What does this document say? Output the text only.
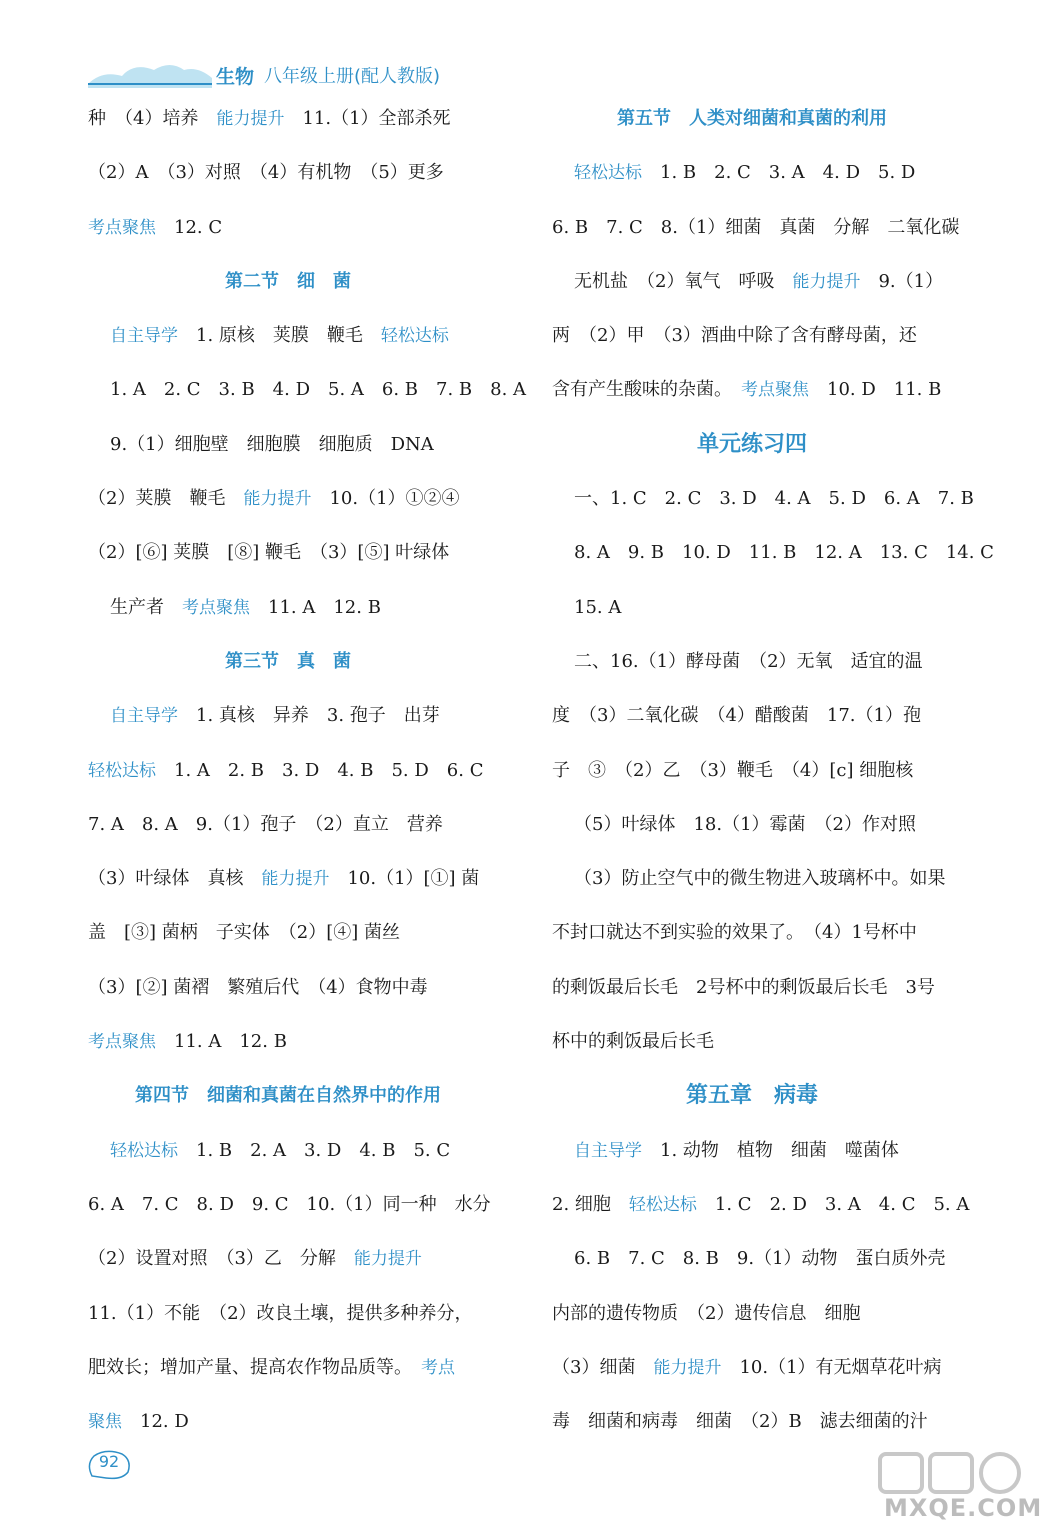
生物 八年级上册(配人教版)
种　（4）培养　能力提升　11.（1）全部杀死
（2）A　（3）对照　（4）有机物　（5）更多
考点聚焦　12. C
第二节　细　菌
自主导学　1. 原核　荚膜　鞭毛　轻松达标
1. A　2. C　3. B　4. D　5. A　6. B　7. B　8. A
9.（1）细胞壁　细胞膜　细胞质　DNA
（2）荚膜　鞭毛　能力提升　10.（1）①②④
（2）[⑥] 荚膜　[⑧] 鞭毛　（3）[⑤] 叶绿体
生产者　考点聚焦　11. A　12. B
第三节　真　菌
自主导学　1. 真核　异养　3. 孢子　出芽
轻松达标　1. A　2. B　3. D　4. B　5. D　6. C
7. A　8. A　9.（1）孢子　（2）直立　营养
（3）叶绿体　真核　能力提升　10.（1）[①] 菌
盖　[③] 菌柄　子实体　（2）[④] 菌丝
（3）[②] 菌褶　繁殖后代　（4）食物中毒
考点聚焦　11. A　12. B
第四节　细菌和真菌在自然界中的作用
轻松达标　1. B　2. A　3. D　4. B　5. C
6. A　7. C　8. D　9. C　10.（1）同一种　水分
（2）设置对照　（3）乙　分解　能力提升
11.（1）不能　（2）改良土壤，提供多种养分，
肥效长；增加产量、提高农作物品质等。　考点
聚焦　12. D
第五节　人类对细菌和真菌的利用
轻松达标　1. B　2. C　3. A　4. D　5. D
6. B　7. C　8.（1）细菌　真菌　分解　二氧化碳
无机盐　（2）氧气　呼吸　能力提升　9.（1）
两　（2）甲　（3）酒曲中除了含有酵母菌，还
含有产生酸味的杂菌。　考点聚焦　10. D　11. B
单元练习四
一、1. C　2. C　3. D　4. A　5. D　6. A　7. B
8. A　9. B　10. D　11. B　12. A　13. C　14. C
15. A
二、16.（1）酵母菌　（2）无氧　适宜的温
度　（3）二氧化碳　（4）醋酸菌　17.（1）孢
子　③　（2）乙　（3）鞭毛　（4）[c] 细胞核
（5）叶绿体　18.（1）霉菌　（2）作对照
（3）防止空气中的微生物进入玻璃杯中。如果
不封口就达不到实验的效果了。　（4）1号杯中
的剩饭最后长毛　2号杯中的剩饭最后长毛　3号
杯中的剩饭最后长毛
第五章　病毒
自主导学　1. 动物　植物　细菌　噬菌体
2. 细胞　轻松达标　1. C　2. D　3. A　4. C　5. A
6. B　7. C　8. B　9.（1）动物　蛋白质外壳
内部的遗传物质　（2）遗传信息　细胞
（3）细菌　能力提升　10.（1）有无烟草花叶病
毒　细菌和病毒　细菌　（2）B　滤去细菌的汁
92
MXQE.COM
